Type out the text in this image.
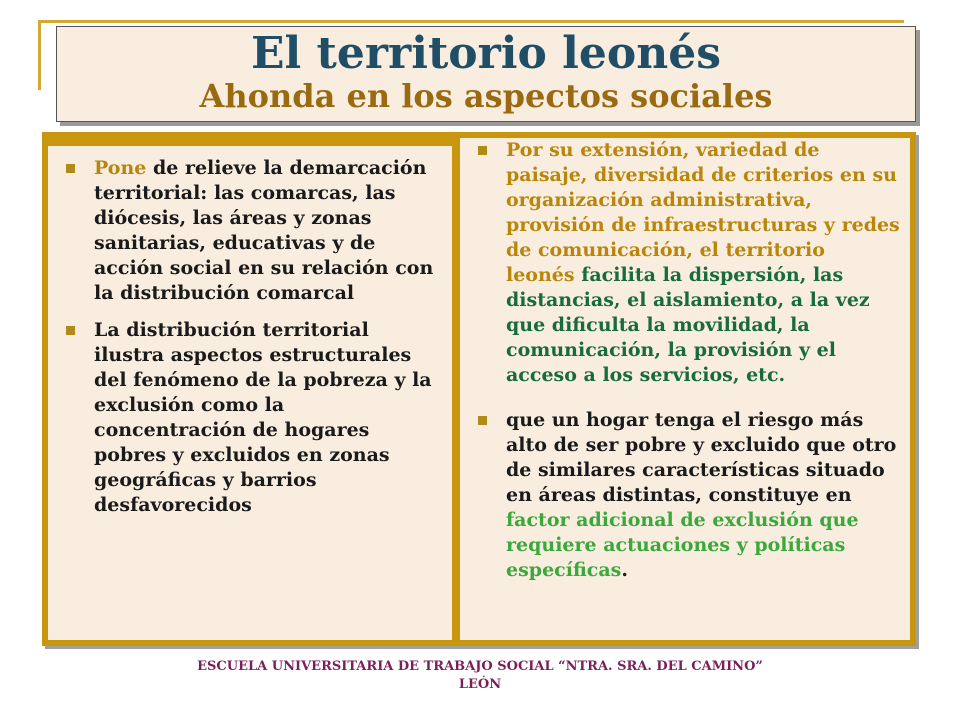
El territorio leonés
Ahonda en los aspectos sociales
Pone de relieve la demarcación territorial: las comarcas, las diócesis, las áreas y zonas sanitarias, educativas y de acción social en su relación con la distribución comarcal
La distribución territorial ilustra aspectos estructurales del fenómeno de la pobreza y la exclusión como la concentración de hogares pobres y excluidos en zonas geográficas y barrios desfavorecidos
Por su extensión, variedad de paisaje, diversidad de criterios en su organización administrativa, provisión de infraestructuras y redes de comunicación, el territorio leonés facilita la dispersión, las distancias, el aislamiento, a la vez que dificulta la movilidad, la comunicación, la provisión y el acceso a los servicios, etc.
que un hogar tenga el riesgo más alto de ser pobre y excluido que otro de similares características situado en áreas distintas, constituye en factor adicional de exclusión que requiere actuaciones y políticas específicas.
ESCUELA UNIVERSITARIA DE TRABAJO SOCIAL “NTRA. SRA. DEL CAMINO”
LEÓN
